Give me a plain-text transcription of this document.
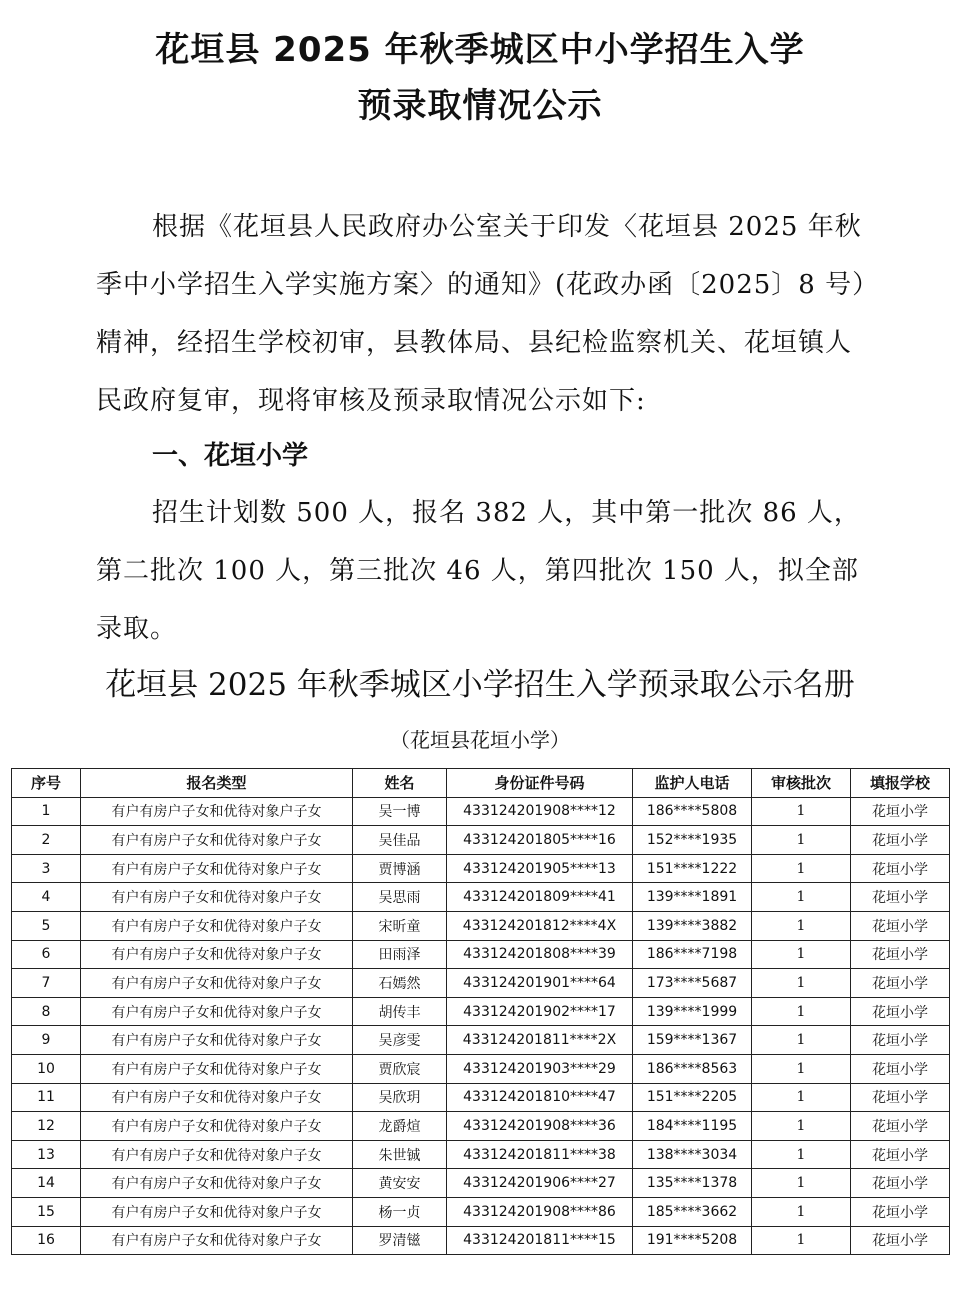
花垣县 2025 年秋季城区中小学招生入学
预录取情况公示
根据《花垣县人民政府办公室关于印发〈花垣县 2025 年秋季中小学招生入学实施方案〉的通知》(花政办函〔2025〕8 号）精神，经招生学校初审，县教体局、县纪检监察机关、花垣镇人民政府复审，现将审核及预录取情况公示如下:
一、花垣小学
招生计划数 500 人，报名 382 人，其中第一批次 86 人，第二批次 100 人，第三批次 46 人，第四批次 150 人，拟全部录取。
花垣县 2025 年秋季城区小学招生入学预录取公示名册
（花垣县花垣小学）
序号	报名类型	姓名	身份证件号码	监护人电话	审核批次	填报学校
1	有户有房户子女和优待对象户子女	吴一博	433124201908****12	186****5808	1	花垣小学
2	有户有房户子女和优待对象户子女	吴佳品	433124201805****16	152****1935	1	花垣小学
3	有户有房户子女和优待对象户子女	贾博涵	433124201905****13	151****1222	1	花垣小学
4	有户有房户子女和优待对象户子女	吴思雨	433124201809****41	139****1891	1	花垣小学
5	有户有房户子女和优待对象户子女	宋昕童	433124201812****4X	139****3882	1	花垣小学
6	有户有房户子女和优待对象户子女	田雨泽	433124201808****39	186****7198	1	花垣小学
7	有户有房户子女和优待对象户子女	石嫣然	433124201901****64	173****5687	1	花垣小学
8	有户有房户子女和优待对象户子女	胡传丰	433124201902****17	139****1999	1	花垣小学
9	有户有房户子女和优待对象户子女	吴彦雯	433124201811****2X	159****1367	1	花垣小学
10	有户有房户子女和优待对象户子女	贾欣宸	433124201903****29	186****8563	1	花垣小学
11	有户有房户子女和优待对象户子女	吴欣玥	433124201810****47	151****2205	1	花垣小学
12	有户有房户子女和优待对象户子女	龙爵煊	433124201908****36	184****1195	1	花垣小学
13	有户有房户子女和优待对象户子女	朱世铖	433124201811****38	138****3034	1	花垣小学
14	有户有房户子女和优待对象户子女	黄安安	433124201906****27	135****1378	1	花垣小学
15	有户有房户子女和优待对象户子女	杨一贞	433124201908****86	185****3662	1	花垣小学
16	有户有房户子女和优待对象户子女	罗清镃	433124201811****15	191****5208	1	花垣小学
